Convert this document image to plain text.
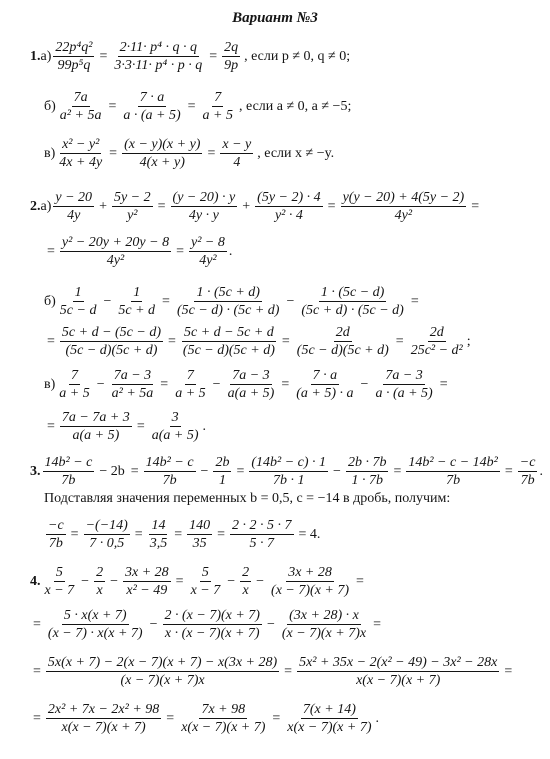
Вариант №3
1. $а) \frac{\text{22p⁴q²}}{\text{99p⁵q}} = \frac{\text{2·11· p⁴ · q · q}}{\text{3·3·11· p⁴ · p · q}} = \frac{2q}{9p}$ , если p ≠ 0, q ≠ 0;
$б) \frac{7a}{\text{a² + 5a}} = \frac{7 \cdot a}{a \cdot (a + 5)} = \frac{7}{a + 5}$ , если a ≠ 0, a ≠ −5;
$в) \frac{\text{x² − y²}}{4x + 4y} = \frac{(x - y)(x + y)}{4(x + y)} = \frac{x - y}{4}$ , если x ≠ −y.
2. $а) \frac{y - 20}{4y} + \frac{5y - 2}{\text{y²}} = \frac{(y - 20) \cdot y}{4y \cdot y} + \frac{(5y - 2) \cdot 4}{\text{y² · 4}} = \frac{y(y - 20) + 4(5y - 2)}{\text{4y²}}$ =
= $\frac{\text{y² − 20y + 20y − 8}}{\text{4y²}} = \frac{\text{y² − 8}}{\text{4y²}}$ .
$б) \frac{1}{5c - d} - \frac{1}{5c + d} = \frac{1 \cdot (5c + d)}{(5c - d) \cdot (5c + d)} - \frac{1 \cdot (5c - d)}{(5c + d) \cdot (5c - d)}$ =
= $\frac{5c + d - (5c - d)}{(5c - d)(5c + d)} = \frac{5c + d - 5c + d}{(5c - d)(5c + d)} = \frac{2d}{(5c - d)(5c + d)} = \frac{2d}{\text{25c² − d²}}$ ;
$в) \frac{7}{a + 5} - \frac{7a - 3}{\text{a² + 5a}} = \frac{7}{a + 5} - \frac{7a - 3}{a(a + 5)} = \frac{7 \cdot a}{(a + 5) \cdot a} - \frac{7a - 3}{a \cdot (a + 5)}$ =
= $\frac{7a - 7a + 3}{a(a + 5)} = \frac{3}{a(a + 5)}$ .
3. $\frac{\text{14b² − c}}{7b} - 2b = \frac{\text{14b² − c}}{7b} - \frac{2b}{1} = \frac{\text{(14b² − c) · 1}}{7b \cdot 1} - \frac{2b \cdot 7b}{1 \cdot 7b} = \frac{\text{14b² − c − 14b²}}{7b} = \frac{-c}{7b}$ .
Подставляя значения переменных b = 0,5, c = −14 в дробь, получим:
$\frac{-c}{7b} = \frac{-(-14)}{7 \cdot 0,5} = \frac{14}{3,5} = \frac{140}{35} = \frac{2 \cdot 2 \cdot 5 \cdot 7}{5 \cdot 7} = 4$.
4. $\frac{5}{x - 7} - \frac{2}{x} - \frac{3x + 28}{\text{x² − 49}} = \frac{5}{x - 7} - \frac{2}{x} - \frac{3x + 28}{(x - 7)(x + 7)}$ =
= $\frac{5 \cdot x(x + 7)}{(x - 7) \cdot x(x + 7)} - \frac{2 \cdot (x - 7)(x + 7)}{x \cdot (x - 7)(x + 7)} - \frac{(3x + 28) \cdot x}{(x - 7)(x + 7)x}$ =
= $\frac{5x(x + 7) - 2(x - 7)(x + 7) - x(3x + 28)}{(x - 7)(x + 7)x} = \frac{\text{5x² + 35x − 2(x² − 49) − 3x² − 28x}}{x(x - 7)(x + 7)}$ =
= $\frac{\text{2x² + 7x − 2x² + 98}}{x(x - 7)(x + 7)} = \frac{7x + 98}{x(x - 7)(x + 7)} = \frac{7(x + 14)}{x(x - 7)(x + 7)}$ .
